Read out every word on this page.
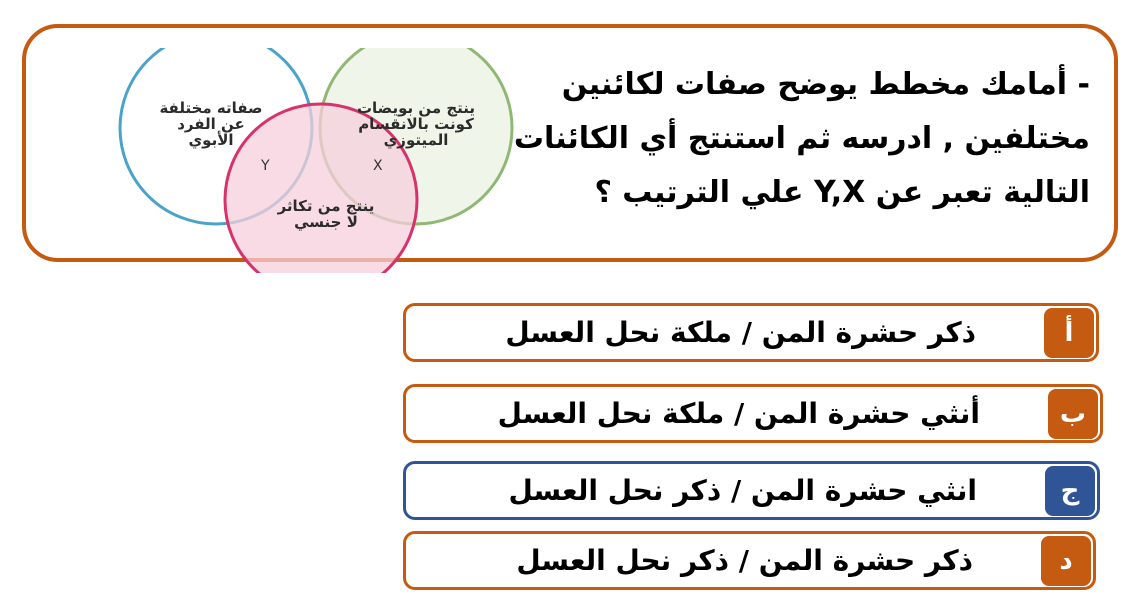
- أمامك مخطط يوضح صفات لكائنين
مختلفين , ادرسه ثم استنتج أي الكائنات
التالية تعبر عن Y,X علي الترتيب ؟

Y	X
صفاته مختلفة
عن الفرد
الأبوي
ينتج من بويضات
كونت بالانقسام
الميتوزي
ينتج من تكاثر
لا جنسي
ذكر حشرة المن / ملكة نحل العسل	أ
أنثي حشرة المن / ملكة نحل العسل	ب
انثي حشرة المن / ذكر نحل العسل	ج
ذكر حشرة المن / ذكر نحل العسل	د
